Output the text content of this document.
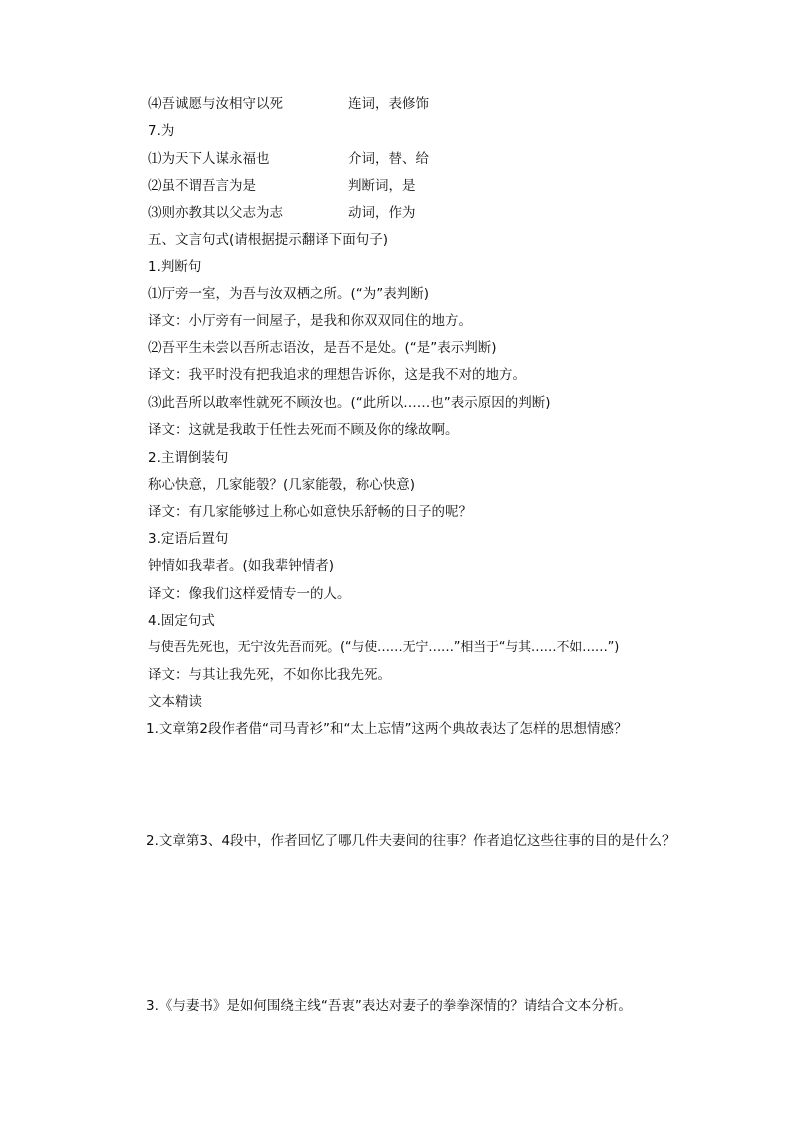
⑷吾诚愿与汝相守以死	连词，表修饰
7.为
⑴为天下人谋永福也	介词，替、给
⑵虽不谓吾言为是	判断词，是
⑶则亦教其以父志为志	动词，作为
五、文言句式(请根据提示翻译下面句子)
1.判断句
⑴厅旁一室，为吾与汝双栖之所。(“为”表判断)
译文：小厅旁有一间屋子，是我和你双双同住的地方。
⑵吾平生未尝以吾所志语汝，是吾不是处。(“是”表示判断)
译文：我平时没有把我追求的理想告诉你，这是我不对的地方。
⑶此吾所以敢率性就死不顾汝也。(“此所以……也”表示原因的判断)
译文：这就是我敢于任性去死而不顾及你的缘故啊。
2.主谓倒装句
称心快意，几家能彀？(几家能彀，称心快意)
译文：有几家能够过上称心如意快乐舒畅的日子的呢？
3.定语后置句
钟情如我辈者。(如我辈钟情者)
译文：像我们这样爱情专一的人。
4.固定句式
与使吾先死也，无宁汝先吾而死。(“与使……无宁……”相当于“与其……不如……”)
译文：与其让我先死，不如你比我先死。
文本精读
1.文章第2段作者借“司马青衫”和“太上忘情”这两个典故表达了怎样的思想情感？
2.文章第3、4段中，作者回忆了哪几件夫妻间的往事？作者追忆这些往事的目的是什么？
3.《与妻书》是如何围绕主线“吾衷”表达对妻子的拳拳深情的？请结合文本分析。
